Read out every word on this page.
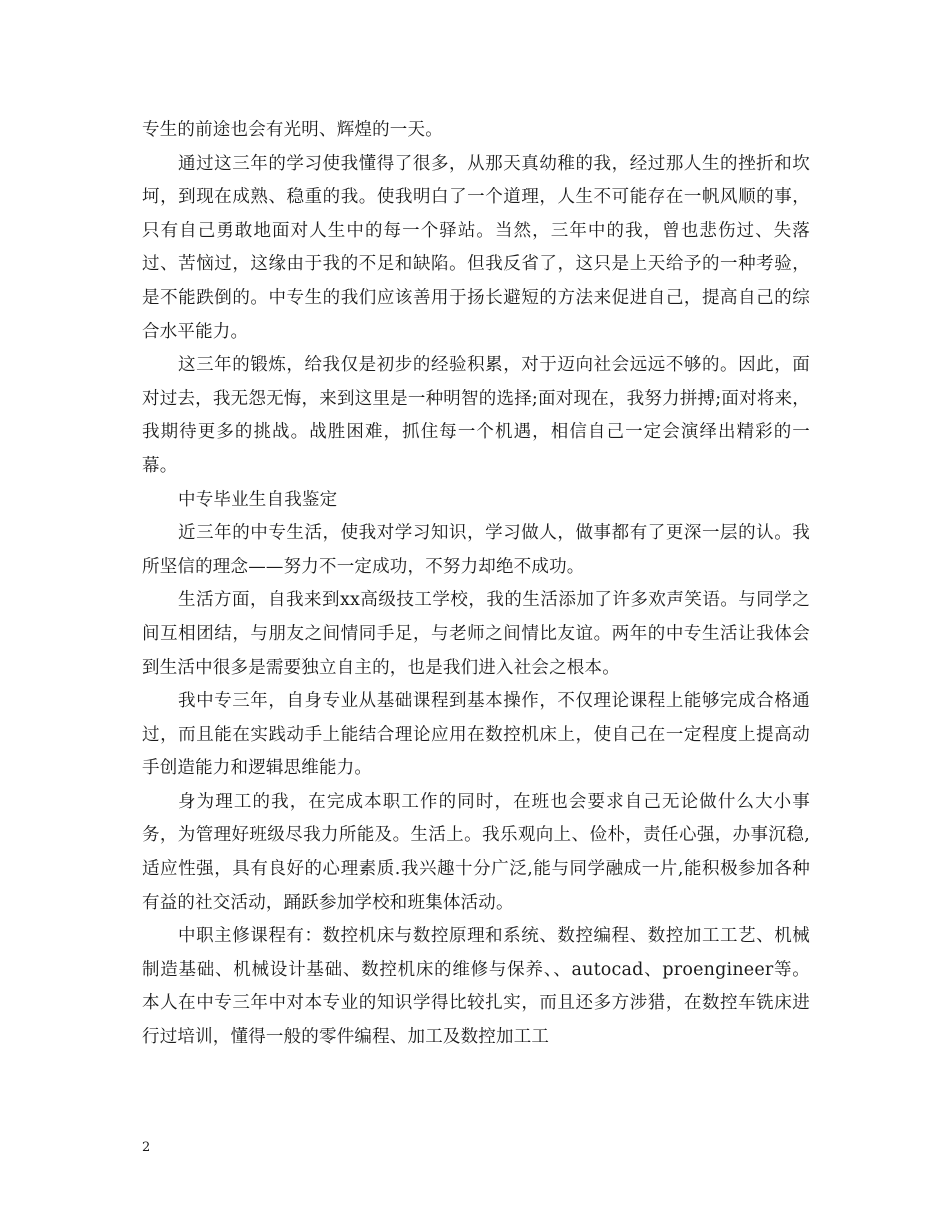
专生的前途也会有光明、辉煌的一天。

通过这三年的学习使我懂得了很多，从那天真幼稚的我，经过那人生的挫折和坎坷，到现在成熟、稳重的我。使我明白了一个道理，人生不可能存在一帆风顺的事，只有自己勇敢地面对人生中的每一个驿站。当然，三年中的我，曾也悲伤过、失落过、苦恼过，这缘由于我的不足和缺陷。但我反省了，这只是上天给予的一种考验，是不能跌倒的。中专生的我们应该善用于扬长避短的方法来促进自己，提高自己的综合水平能力。

这三年的锻炼，给我仅是初步的经验积累，对于迈向社会远远不够的。因此，面对过去，我无怨无悔，来到这里是一种明智的选择;面对现在，我努力拼搏;面对将来，我期待更多的挑战。战胜困难，抓住每一个机遇，相信自己一定会演绎出精彩的一幕。

中专毕业生自我鉴定

近三年的中专生活，使我对学习知识，学习做人，做事都有了更深一层的认。我所坚信的理念——努力不一定成功，不努力却绝不成功。

生活方面，自我来到xx高级技工学校，我的生活添加了许多欢声笑语。与同学之间互相团结，与朋友之间情同手足，与老师之间情比友谊。两年的中专生活让我体会到生活中很多是需要独立自主的，也是我们进入社会之根本。

我中专三年，自身专业从基础课程到基本操作，不仅理论课程上能够完成合格通过，而且能在实践动手上能结合理论应用在数控机床上，使自己在一定程度上提高动手创造能力和逻辑思维能力。

身为理工的我，在完成本职工作的同时，在班也会要求自己无论做什么大小事务，为管理好班级尽我力所能及。生活上。我乐观向上、俭朴，责任心强，办事沉稳,适应性强，具有良好的心理素质.我兴趣十分广泛,能与同学融成一片,能积极参加各种有益的社交活动，踊跃参加学校和班集体活动。

中职主修课程有：数控机床与数控原理和系统、数控编程、数控加工工艺、机械制造基础、机械设计基础、数控机床的维修与保养、、autocad、proengineer等。 本人在中专三年中对本专业的知识学得比较扎实，而且还多方涉猎，在数控车铣床进行过培训，懂得一般的零件编程、加工及数控加工工

2
